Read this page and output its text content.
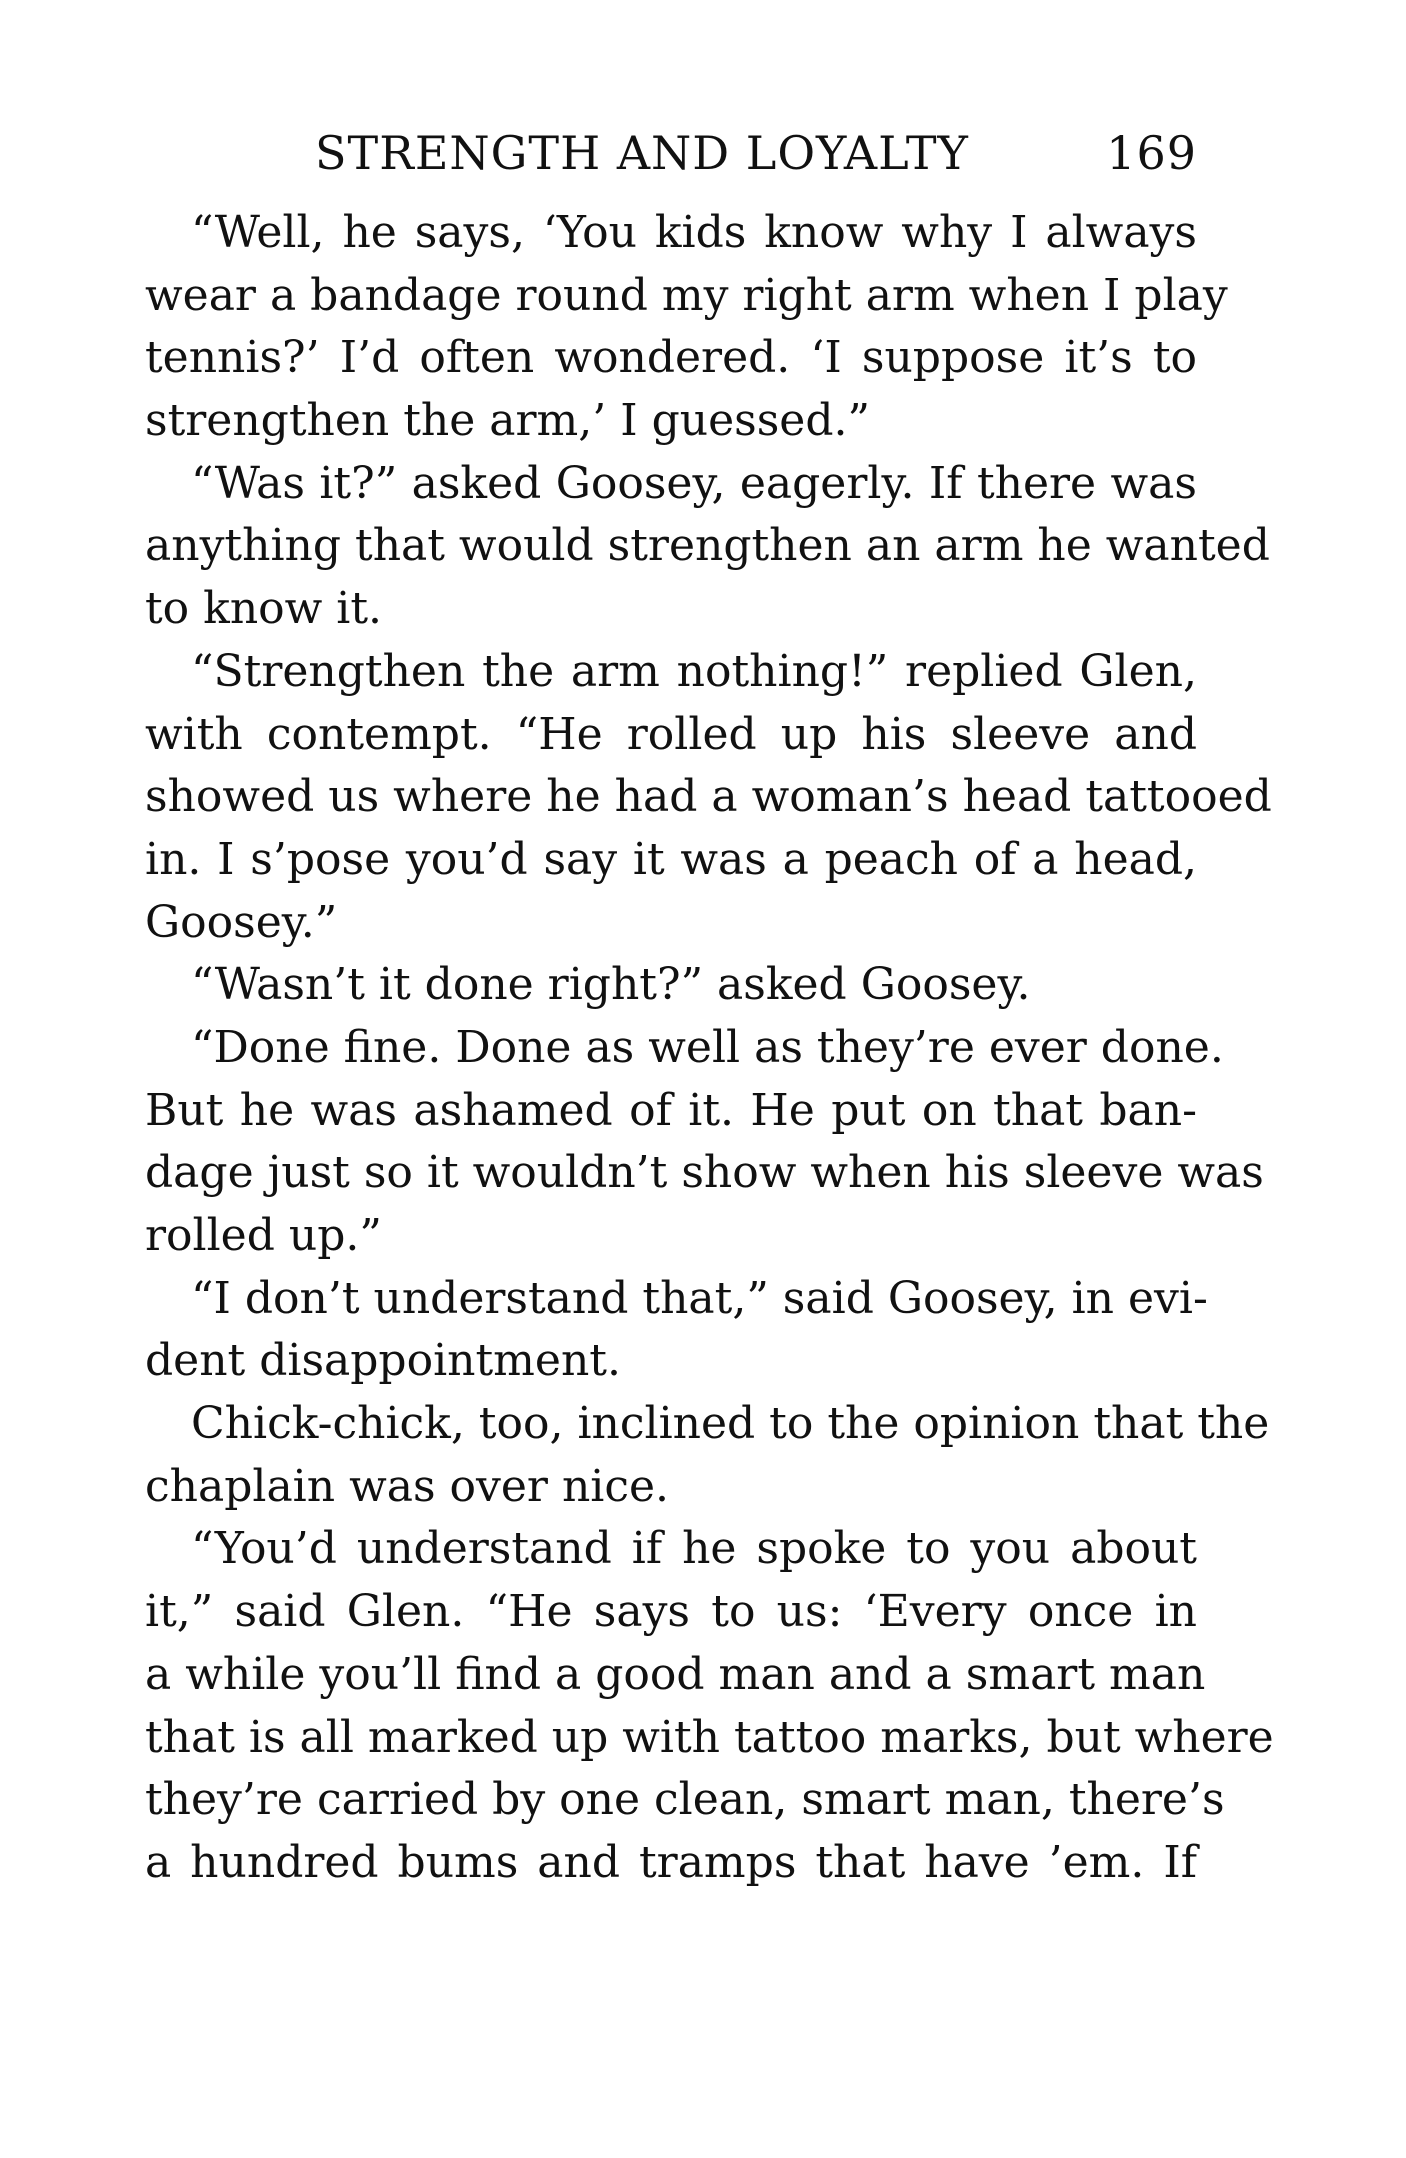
STRENGTH AND LOYALTY	169
“Well, he says, ‘You kids know why I always
wear a bandage round my right arm when I play
tennis?’ I’d often wondered. ‘I suppose it’s to
strengthen the arm,’ I guessed.”
“Was it?” asked Goosey, eagerly. If there was
anything that would strengthen an arm he wanted
to know it.
“Strengthen the arm nothing!” replied Glen,
with contempt. “He rolled up his sleeve and
showed us where he had a woman’s head tattooed
in. I s’pose you’d say it was a peach of a head,
Goosey.”
“Wasn’t it done right?” asked Goosey.
“Done fine. Done as well as they’re ever done.
But he was ashamed of it. He put on that ban-
dage just so it wouldn’t show when his sleeve was
rolled up.”
“I don’t understand that,” said Goosey, in evi-
dent disappointment.
Chick-chick, too, inclined to the opinion that the
chaplain was over nice.
“You’d understand if he spoke to you about
it,” said Glen. “He says to us: ‘Every once in
a while you’ll find a good man and a smart man
that is all marked up with tattoo marks, but where
they’re carried by one clean, smart man, there’s
a hundred bums and tramps that have ’em. If
